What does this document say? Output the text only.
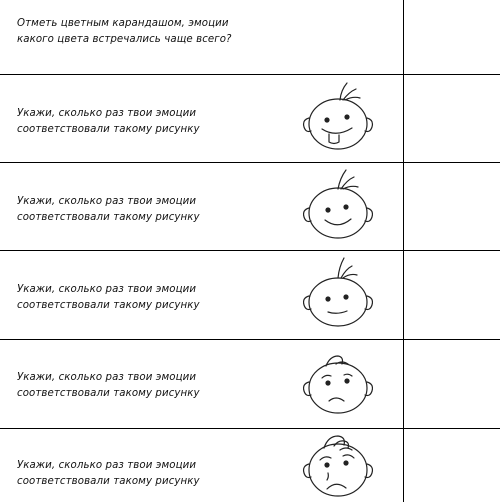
Отметь цветным карандашом, эмоции
какого цвета встречались чаще всего?
Укажи, сколько раз твои эмоции
соответствовали такому рисунку
Укажи, сколько раз твои эмоции
соответствовали такому рисунку
Укажи, сколько раз твои эмоции
соответствовали такому рисунку
Укажи, сколько раз твои эмоции
соответствовали такому рисунку
Укажи, сколько раз твои эмоции
соответствовали такому рисунку
